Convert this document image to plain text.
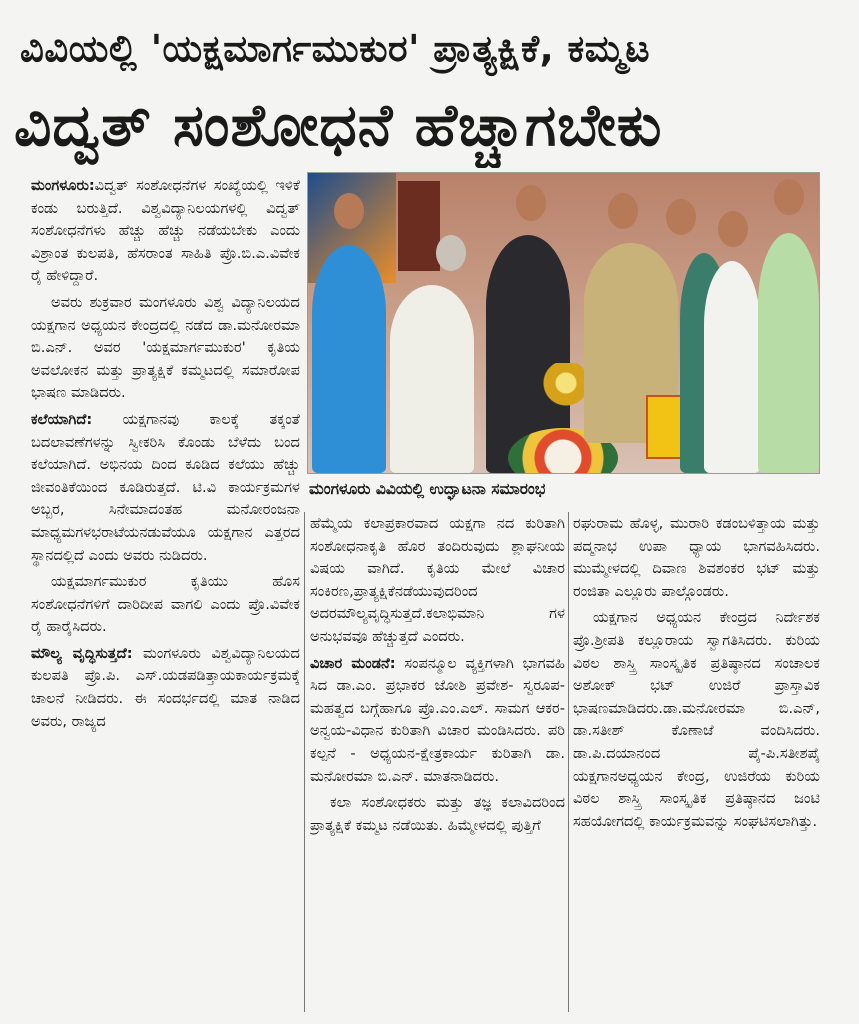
ವಿವಿಯಲ್ಲಿ 'ಯಕ್ಷಮಾರ್ಗಮುಕುರ' ಪ್ರಾತ್ಯಕ್ಷಿಕೆ, ಕಮ್ಮಟ
ವಿದ್ವತ್ ಸಂಶೋಧನೆ ಹೆಚ್ಚಾಗಬೇಕು

ಮಂಗಳೂರು:ವಿದ್ವತ್ ಸಂಶೋಧನೆಗಳ ಸಂಖ್ಯೆಯಲ್ಲಿ ಇಳಿಕೆ ಕಂಡು ಬರುತ್ತಿದೆ. ವಿಶ್ವವಿದ್ಯಾನಿಲಯಗಳಲ್ಲಿ ವಿದ್ವತ್ ಸಂಶೋಧನೆಗಳು ಹೆಚ್ಚು ಹೆಚ್ಚು ನಡೆಯಬೇಕು ಎಂದು ವಿಶ್ರಾಂತ ಕುಲಪತಿ, ಹೆಸರಾಂತ ಸಾಹಿತಿ ಪ್ರೊ.ಬಿ.ಎ.ವಿವೇಕ ರೈ ಹೇಳಿದ್ದಾರೆ.

ಅವರು ಶುಕ್ರವಾರ ಮಂಗಳೂರು ವಿಶ್ವ ವಿದ್ಯಾನಿಲಯದ ಯಕ್ಷಗಾನ ಅಧ್ಯಯನ ಕೇಂದ್ರದಲ್ಲಿ ನಡೆದ ಡಾ.ಮನೋರಮಾ ಬಿ.ಎನ್. ಅವರ 'ಯಕ್ಷಮಾರ್ಗಮುಕುರ' ಕೃತಿಯ ಅವಲೋಕನ ಮತ್ತು ಪ್ರಾತ್ಯಕ್ಷಿಕೆ ಕಮ್ಮಟದಲ್ಲಿ ಸಮಾರೋಪ ಭಾಷಣ ಮಾಡಿದರು.

ಕಲೆಯಾಗಿದೆ: ಯಕ್ಷಗಾನವು ಕಾಲಕ್ಕೆ ತಕ್ಕಂತೆ ಬದಲಾವಣೆಗಳನ್ನು ಸ್ವೀಕರಿಸಿ ಕೊಂಡು ಬೆಳೆದು ಬಂದ ಕಲೆಯಾಗಿದೆ. ಅಭಿನಯ ದಿಂದ ಕೂಡಿದ ಕಲೆಯು ಹೆಚ್ಚು ಜೀವಂತಿಕೆಯಿಂದ ಕೂಡಿರುತ್ತದೆ. ಟಿ.ವಿ ಕಾರ್ಯಕ್ರಮಗಳ ಅಬ್ಬರ, ಸಿನೇಮಾದಂತಹ ಮನೋರಂಜನಾ ಮಾಧ್ಯಮಗಳಭರಾಟೆಯನಡುವೆಯೂ ಯಕ್ಷಗಾನ ಎತ್ತರದ ಸ್ಥಾನದಲ್ಲಿದೆ ಎಂದು ಅವರು ನುಡಿದರು.

ಯಕ್ಷಮಾರ್ಗಮುಕುರ ಕೃತಿಯು ಹೊಸ ಸಂಶೋಧನೆಗಳಿಗೆ ದಾರಿದೀಪ ವಾಗಲಿ ಎಂದು ಪ್ರೊ.ವಿವೇಕ ರೈ ಹಾರೈಸಿದರು.

ಮೌಲ್ಯ ವೃದ್ಧಿಸುತ್ತದೆ: ಮಂಗಳೂರು ವಿಶ್ವವಿದ್ಯಾನಿಲಯದ ಕುಲಪತಿ ಪ್ರೊ.ಪಿ. ಎಸ್.ಯಡಪಡಿತ್ತಾಯಕಾರ್ಯಕ್ರಮಕ್ಕೆ ಚಾಲನೆ ನೀಡಿದರು. ಈ ಸಂದರ್ಭದಲ್ಲಿ ಮಾತ ನಾಡಿದ ಅವರು, ರಾಜ್ಯದ

ಮಂಗಳೂರು ವಿವಿಯಲ್ಲಿ ಉದ್ಘಾಟನಾ ಸಮಾರಂಭ

ಹೆಮ್ಮೆಯ ಕಲಾಪ್ರಕಾರವಾದ ಯಕ್ಷಗಾ ನದ ಕುರಿತಾಗಿ ಸಂಶೋಧನಾಕೃತಿ ಹೊರ ತಂದಿರುವುದು ಶ್ಲಾಘನೀಯ ವಿಷಯ ವಾಗಿದೆ. ಕೃತಿಯ ಮೇಲೆ ವಿಚಾರ ಸಂಕಿರಣ,ಪ್ರಾತ್ಯಕ್ಷಿಕೆನಡೆಯುವುದರಿಂದ ಅದರಮೌಲ್ಯವೃದ್ಧಿಸುತ್ತದೆ.ಕಲಾಭಿಮಾನಿ ಗಳ ಅನುಭವವೂ ಹೆಚ್ಚುತ್ತದೆ ಎಂದರು.

ವಿಚಾರ ಮಂಡನೆ: ಸಂಪನ್ಮೂಲ ವ್ಯಕ್ತಿಗಳಾಗಿ ಭಾಗವಹಿ ಸಿದ ಡಾ.ಎಂ. ಪ್ರಭಾಕರ ಜೋಶಿ ಪ್ರವೇಶ- ಸ್ವರೂಪ- ಮಹತ್ವದ ಬಗ್ಗೆಹಾಗೂ ಪ್ರೊ.ಎಂ.ಎಲ್. ಸಾಮಗ ಆಕರ-ಅನ್ವಯ-ವಿಧಾನ ಕುರಿತಾಗಿ ವಿಚಾರ ಮಂಡಿಸಿದರು. ಪರಿ ಕಲ್ಪನೆ - ಅಧ್ಯಯನ-ಕ್ಷೇತ್ರಕಾರ್ಯ ಕುರಿತಾಗಿ ಡಾ. ಮನೋರಮಾ ಬಿ.ಎನ್. ಮಾತನಾಡಿದರು.

ಕಲಾ ಸಂಶೋಧಕರು ಮತ್ತು ತಜ್ಞ ಕಲಾವಿದರಿಂದ ಪ್ರಾತ್ಯಕ್ಷಿಕೆ ಕಮ್ಮಟ ನಡೆಯಿತು. ಹಿಮ್ಮೇಳದಲ್ಲಿ ಪುತ್ತಿಗೆ

ರಘುರಾಮ ಹೊಳ್ಳ, ಮುರಾರಿ ಕಡಂಬಳಿತ್ತಾಯ ಮತ್ತು ಪದ್ಮನಾಭ ಉಪಾ ಧ್ಯಾಯ ಭಾಗವಹಿಸಿದರು. ಮುಮ್ಮೇಳದಲ್ಲಿ ದಿವಾಣ ಶಿವಶಂಕರ ಭಟ್ ಮತ್ತು ರಂಜಿತಾ ಎಲ್ಲೂರು ಪಾಲ್ಗೊಂಡರು.

ಯಕ್ಷಗಾನ ಅಧ್ಯಯನ ಕೇಂದ್ರದ ನಿರ್ದೇಶಕ ಪ್ರೊ.ಶ್ರೀಪತಿ ಕಲ್ಲೂರಾಯ ಸ್ವಾಗತಿಸಿದರು. ಕುರಿಯ ವಿಠಲ ಶಾಸ್ತ್ರಿ ಸಾಂಸ್ಕೃತಿಕ ಪ್ರತಿಷ್ಠಾನದ ಸಂಚಾಲಕ ಅಶೋಕ್ ಭಟ್ ಉಜಿರೆ ಪ್ರಾಸ್ತಾವಿಕ ಭಾಷಣಮಾಡಿದರು.ಡಾ.ಮನೋರಮಾ ಬಿ.ಎನ್, ಡಾ.ಸತೀಶ್ ಕೊಣಾಜೆ ವಂದಿಸಿದರು. ಡಾ.ಪಿ.ದಯಾನಂದ ಪೈ-ಪಿ.ಸತೀಶಪೈ ಯಕ್ಷಗಾನಅಧ್ಯಯನ ಕೇಂದ್ರ, ಉಜಿರೆಯ ಕುರಿಯ ವಿಠಲ ಶಾಸ್ತ್ರಿ ಸಾಂಸ್ಕೃತಿಕ ಪ್ರತಿಷ್ಠಾನದ ಜಂಟಿ ಸಹಯೋಗದಲ್ಲಿ ಕಾರ್ಯಕ್ರಮವನ್ನು ಸಂಘಟಿಸಲಾಗಿತ್ತು.
